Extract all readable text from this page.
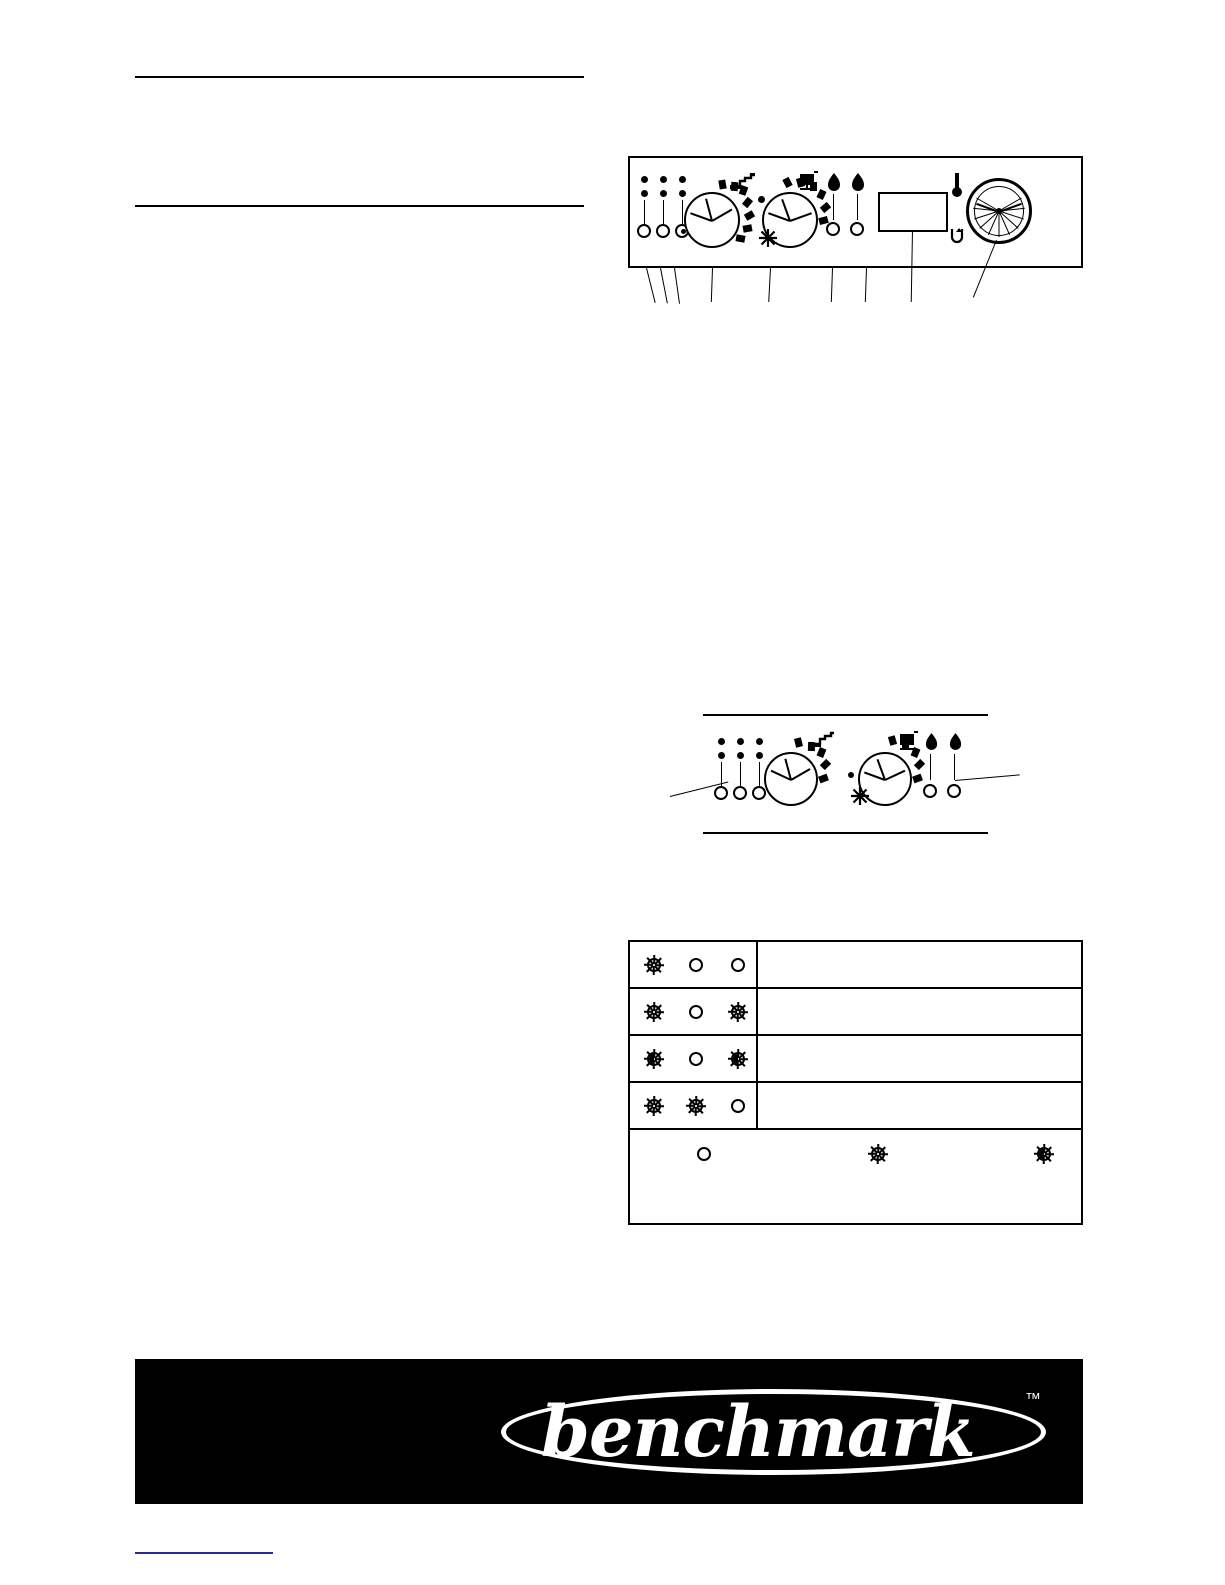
benchmark	™
